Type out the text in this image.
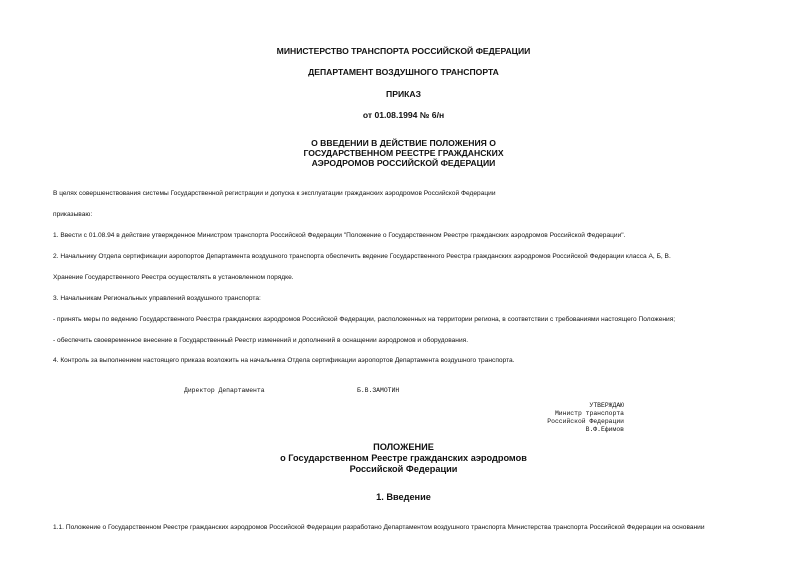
МИНИСТЕРСТВО ТРАНСПОРТА РОССИЙСКОЙ ФЕДЕРАЦИИ
ДЕПАРТАМЕНТ ВОЗДУШНОГО ТРАНСПОРТА
ПРИКАЗ
от 01.08.1994 № 6/н
О ВВЕДЕНИИ В ДЕЙСТВИЕ ПОЛОЖЕНИЯ О
ГОСУДАРСТВЕННОМ РЕЕСТРЕ ГРАЖДАНСКИХ
АЭРОДРОМОВ РОССИЙСКОЙ ФЕДЕРАЦИИ
В целях совершенствования системы Государственной регистрации и допуска к эксплуатации гражданских аэродромов Российской Федерации
приказываю:
1. Ввести с 01.08.94 в действие утвержденное Министром транспорта Российской Федерации "Положение о Государственном Реестре гражданских аэродромов Российской Федерации".
2. Начальнику Отдела сертификации аэропортов Департамента воздушного транспорта обеспечить ведение Государственного Реестра гражданских аэродромов Российской Федерации класса А, Б, В.
Хранение Государственного Реестра осуществлять в установленном порядке.
3. Начальникам Региональных управлений воздушного транспорта:
- принять меры по ведению Государственного Реестра гражданских аэродромов Российской Федерации, расположенных на территории региона, в соответствии с требованиями настоящего Положения;
- обеспечить своевременное внесение в Государственный Реестр изменений и дополнений в оснащении аэродромов и оборудования.
4. Контроль за выполнением настоящего приказа возложить на начальника Отдела сертификации аэропортов Департамента воздушного транспорта.
Директор Департамента	Б.В.ЗАМОТИН
УТВЕРЖДАЮ
Министр транспорта
Российской Федерации
В.Ф.Ефимов
ПОЛОЖЕНИЕ
о Государственном Реестре гражданских аэродромов
Российской Федерации
1. Введение
1.1. Положение о Государственном Реестре гражданских аэродромов Российской Федерации разработано Департаментом воздушного транспорта Министерства транспорта Российской Федерации на основании
